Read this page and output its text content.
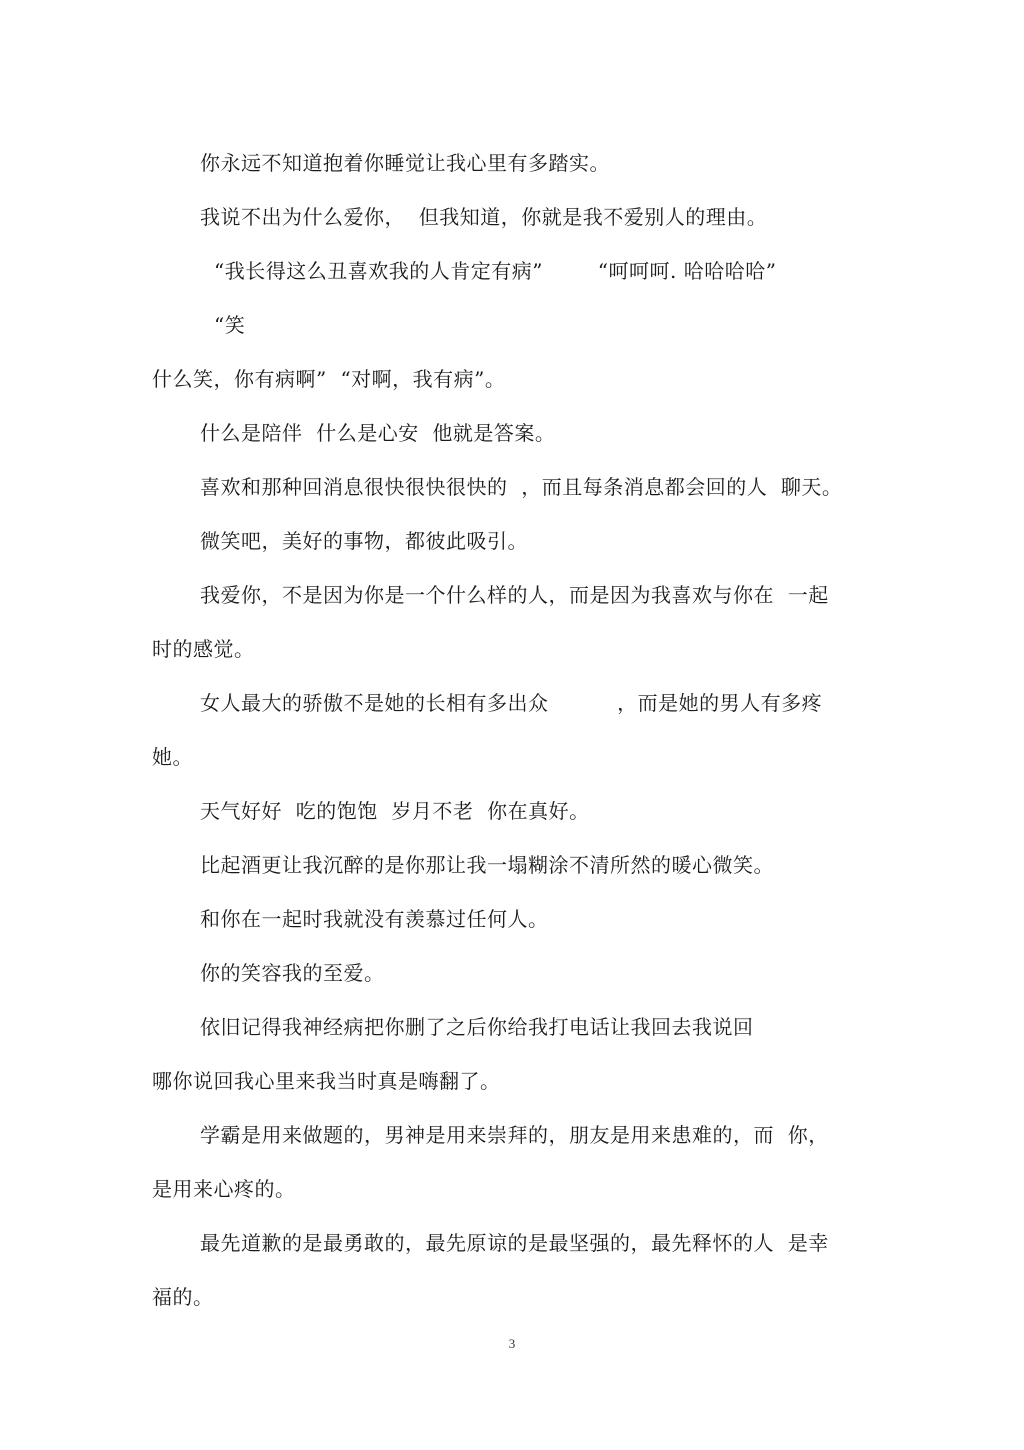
你永远不知道抱着你睡觉让我心里有多踏实。
我说不出为什么爱你，  但我知道，你就是我不爱别人的理由。
“我长得这么丑喜欢我的人肯定有病”        “呵呵呵. 哈哈哈哈”
“笑
什么笑，你有病啊”  “对啊，我有病”。
什么是陪伴  什么是心安  他就是答案。
喜欢和那种回消息很快很快很快的  ，而且每条消息都会回的人  聊天。
微笑吧，美好的事物，都彼此吸引。
我爱你，不是因为你是一个什么样的人，而是因为我喜欢与你在  一起
时的感觉。
女人最大的骄傲不是她的长相有多出众          ，而是她的男人有多疼
她。
天气好好  吃的饱饱  岁月不老  你在真好。
比起酒更让我沉醉的是你那让我一塌糊涂不清所然的暖心微笑。
和你在一起时我就没有羡慕过任何人。
你的笑容我的至爱。
依旧记得我神经病把你删了之后你给我打电话让我回去我说回
哪你说回我心里来我当时真是嗨翻了。
学霸是用来做题的，男神是用来崇拜的，朋友是用来患难的，而  你，
是用来心疼的。
最先道歉的是最勇敢的，最先原谅的是最坚强的，最先释怀的人  是幸
福的。
3
